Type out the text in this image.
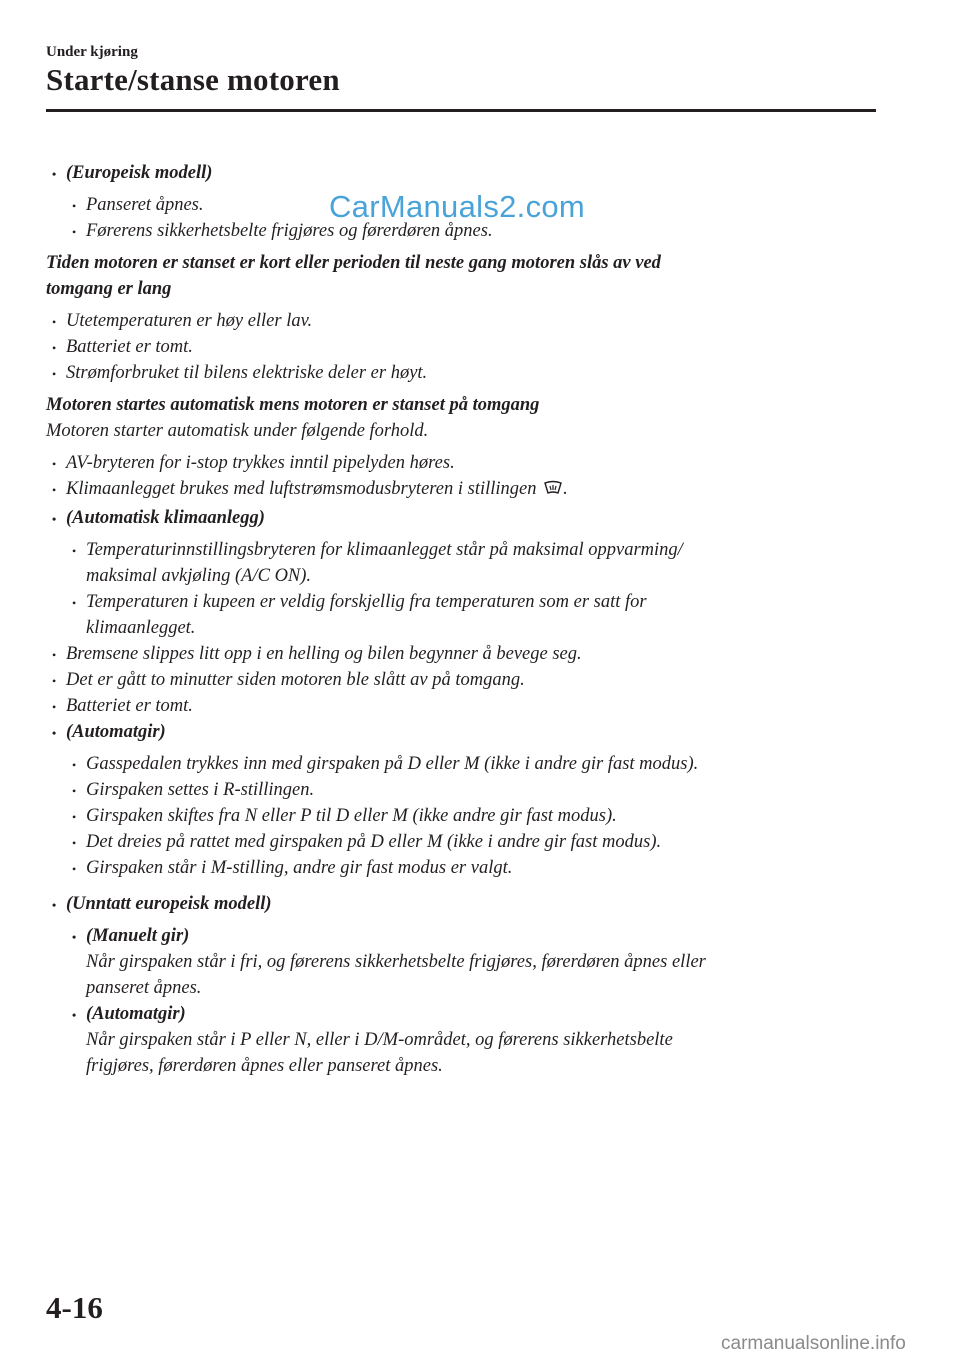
Under kjøring
Starte/stanse motoren
CarManuals2.com
• (Europeisk modell)
• Panseret åpnes.
• Førerens sikkerhetsbelte frigjøres og førerdøren åpnes.
Tiden motoren er stanset er kort eller perioden til neste gang motoren slås av ved
tomgang er lang
• Utetemperaturen er høy eller lav.
• Batteriet er tomt.
• Strømforbruket til bilens elektriske deler er høyt.
Motoren startes automatisk mens motoren er stanset på tomgang
Motoren starter automatisk under følgende forhold.
• AV-bryteren for i-stop trykkes inntil pipelyden høres.
• Klimaanlegget brukes med luftstrømsmodusbryteren i stillingen .
• (Automatisk klimaanlegg)
• Temperaturinnstillingsbryteren for klimaanlegget står på maksimal oppvarming/
maksimal avkjøling (A/C ON).
• Temperaturen i kupeen er veldig forskjellig fra temperaturen som er satt for
klimaanlegget.
• Bremsene slippes litt opp i en helling og bilen begynner å bevege seg.
• Det er gått to minutter siden motoren ble slått av på tomgang.
• Batteriet er tomt.
• (Automatgir)
• Gasspedalen trykkes inn med girspaken på D eller M (ikke i andre gir fast modus).
• Girspaken settes i R-stillingen.
• Girspaken skiftes fra N eller P til D eller M (ikke andre gir fast modus).
• Det dreies på rattet med girspaken på D eller M (ikke i andre gir fast modus).
• Girspaken står i M-stilling, andre gir fast modus er valgt.
• (Unntatt europeisk modell)
• (Manuelt gir)
Når girspaken står i fri, og førerens sikkerhetsbelte frigjøres, førerdøren åpnes eller
panseret åpnes.
• (Automatgir)
Når girspaken står i P eller N, eller i D/M-området, og førerens sikkerhetsbelte
frigjøres, førerdøren åpnes eller panseret åpnes.
4-16
carmanualsonline.info
